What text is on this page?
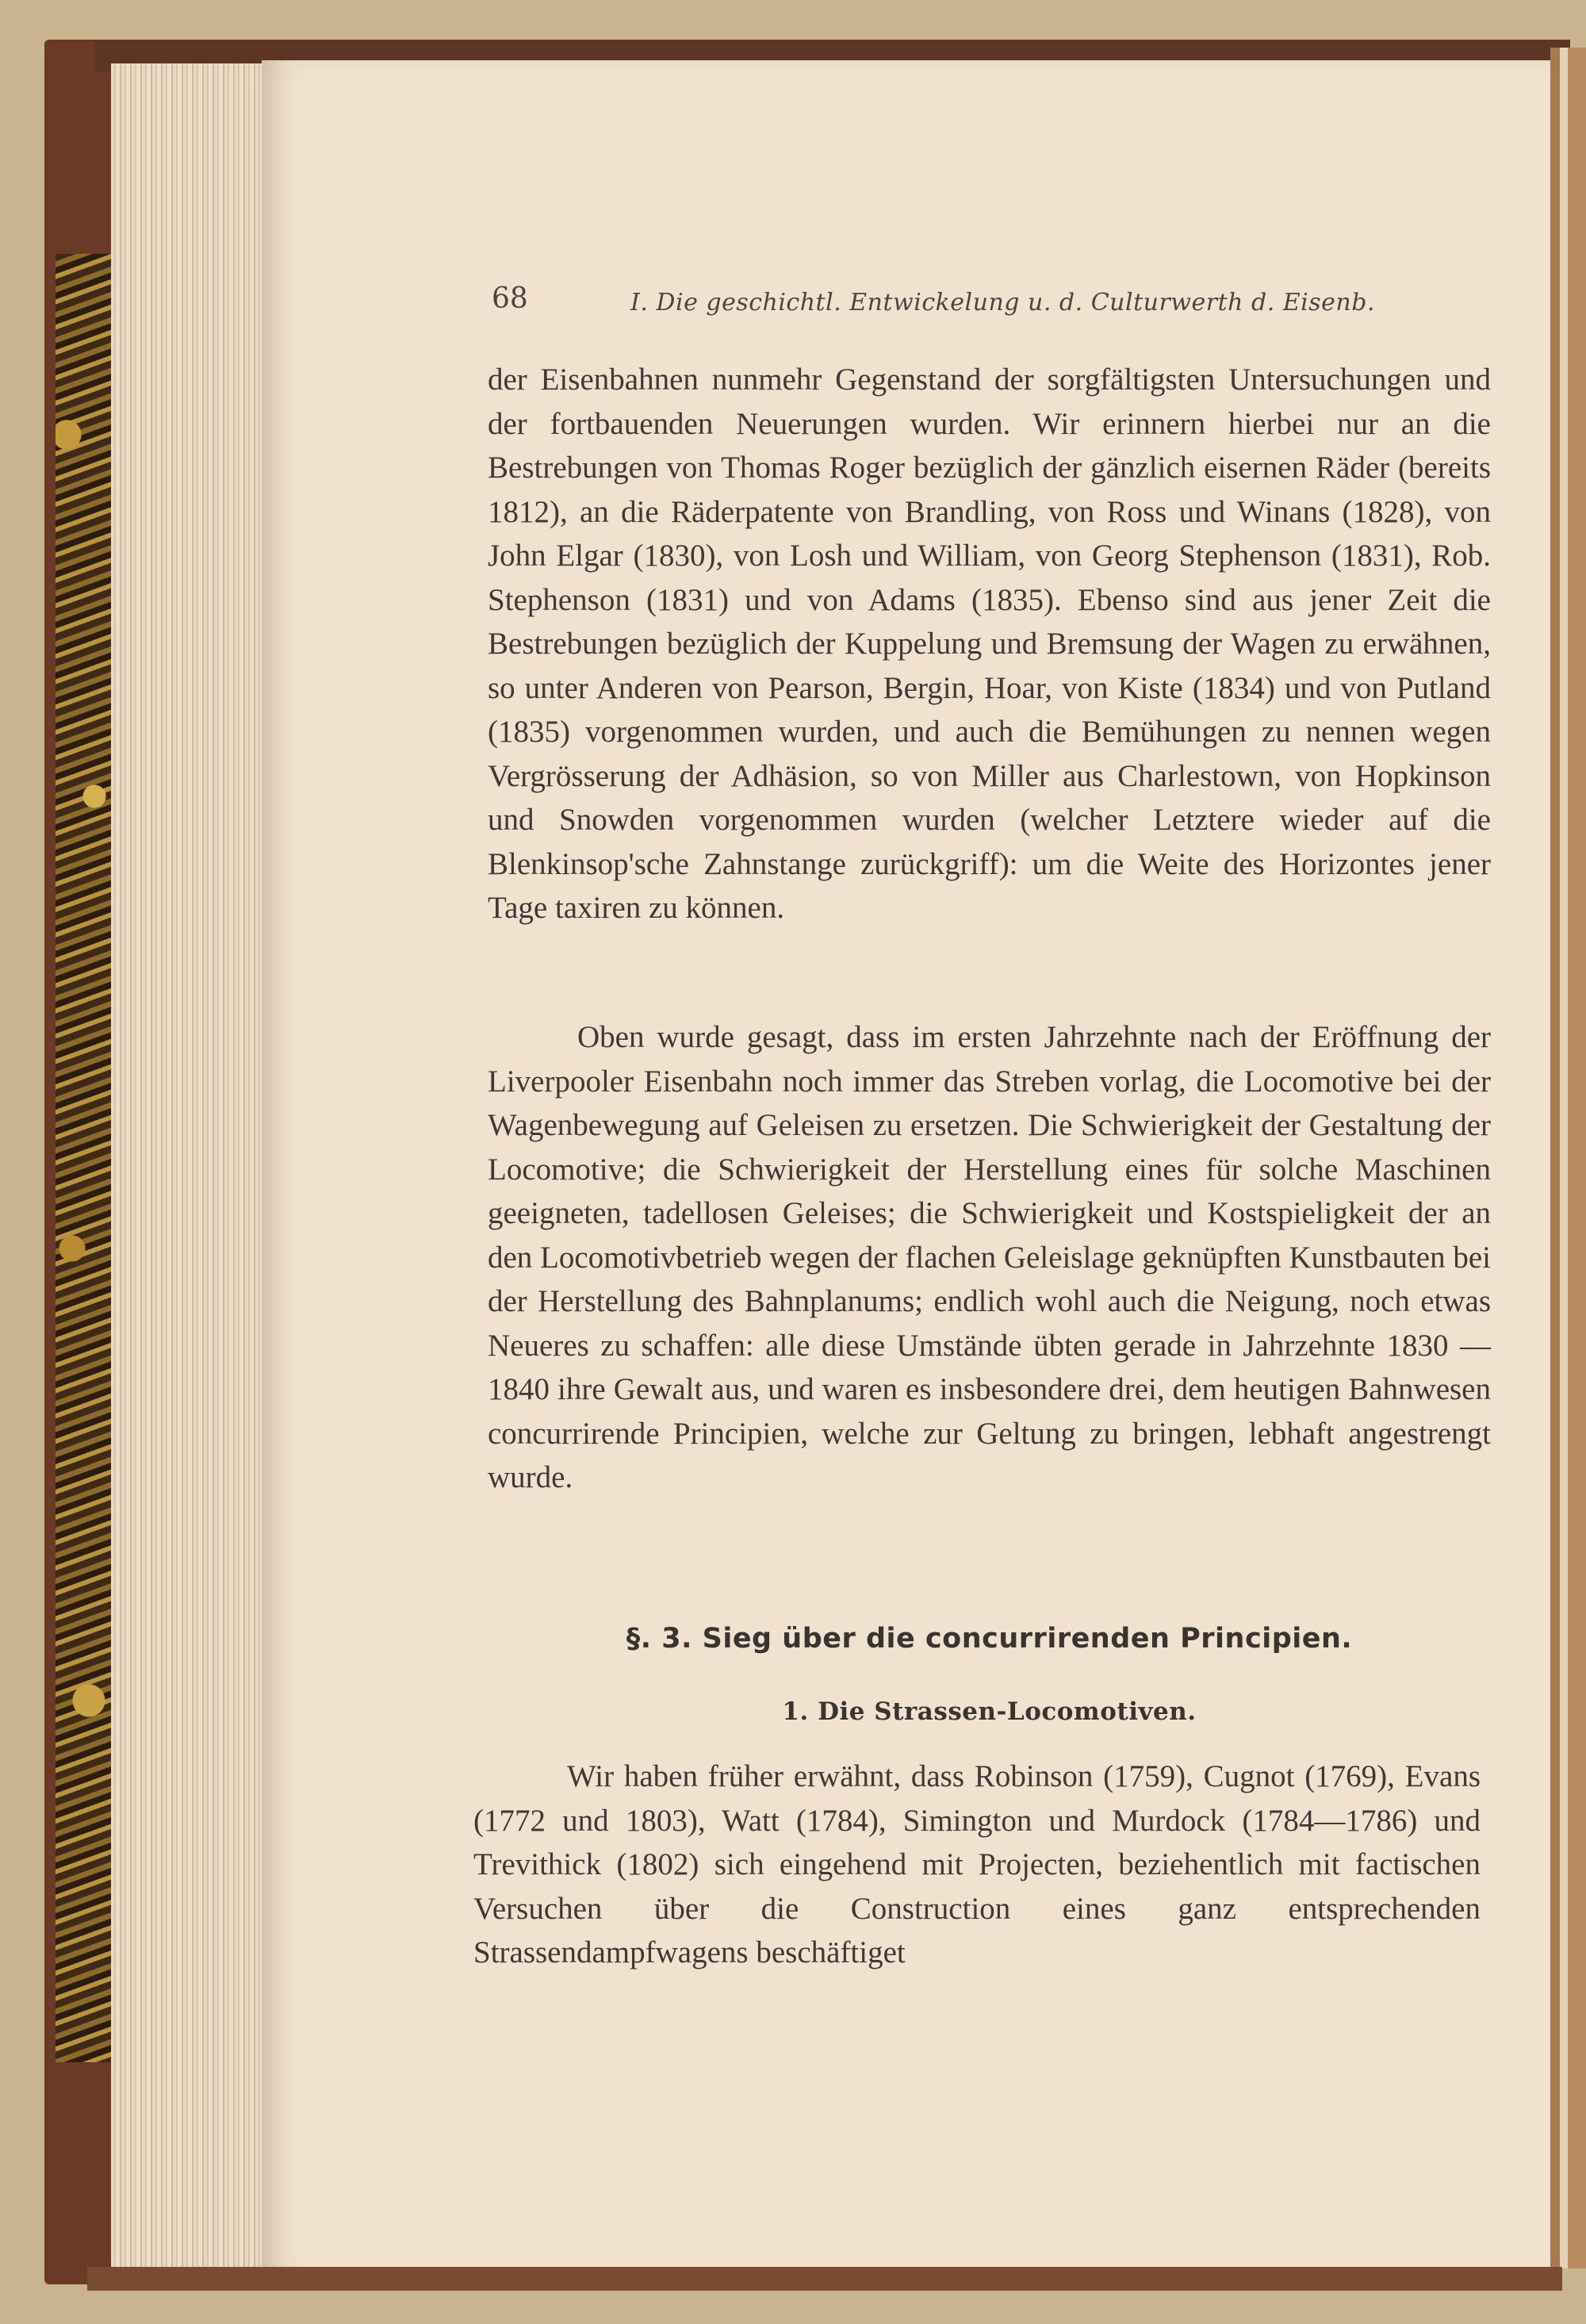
68	I. Die geschichtl. Entwickelung u. d. Culturwerth d. Eisenb.

der Eisenbahnen nunmehr Gegenstand der sorgfältigsten Untersuchungen und der fortbauenden Neuerungen wurden. Wir erinnern hierbei nur an die Bestrebungen von Thomas Roger bezüglich der gänzlich eisernen Räder (bereits 1812), an die Räderpatente von Brandling, von Ross und Winans (1828), von John Elgar (1830), von Losh und William, von Georg Stephenson (1831), Rob. Stephenson (1831) und von Adams (1835). Ebenso sind aus jener Zeit die Bestrebungen bezüglich der Kuppelung und Bremsung der Wagen zu erwähnen, so unter Anderen von Pearson, Bergin, Hoar, von Kiste (1834) und von Putland (1835) vorgenommen wurden, und auch die Bemühungen zu nennen wegen Vergrösserung der Adhäsion, so von Miller aus Charlestown, von Hopkinson und Snowden vorgenommen wurden (welcher Letztere wieder auf die Blenkinsop'sche Zahnstange zurückgriff): um die Weite des Horizontes jener Tage taxiren zu können.

Oben wurde gesagt, dass im ersten Jahrzehnte nach der Eröffnung der Liverpooler Eisenbahn noch immer das Streben vorlag, die Locomotive bei der Wagenbewegung auf Geleisen zu ersetzen. Die Schwierigkeit der Gestaltung der Locomotive; die Schwierigkeit der Herstellung eines für solche Maschinen geeigneten, tadellosen Geleises; die Schwierigkeit und Kostspieligkeit der an den Locomotivbetrieb wegen der flachen Geleislage geknüpften Kunstbauten bei der Herstellung des Bahnplanums; endlich wohl auch die Neigung, noch etwas Neueres zu schaffen: alle diese Umstände übten gerade in Jahrzehnte 1830 — 1840 ihre Gewalt aus, und waren es insbesondere drei, dem heutigen Bahnwesen concurrirende Principien, welche zur Geltung zu bringen, lebhaft angestrengt wurde.

§. 3. Sieg über die concurrirenden Principien.
1. Die Strassen-Locomotiven.

Wir haben früher erwähnt, dass Robinson (1759), Cugnot (1769), Evans (1772 und 1803), Watt (1784), Simington und Murdock (1784—1786) und Trevithick (1802) sich eingehend mit Projecten, beziehentlich mit factischen Versuchen über die Construction eines ganz entsprechenden Strassendampfwagens beschäftiget
